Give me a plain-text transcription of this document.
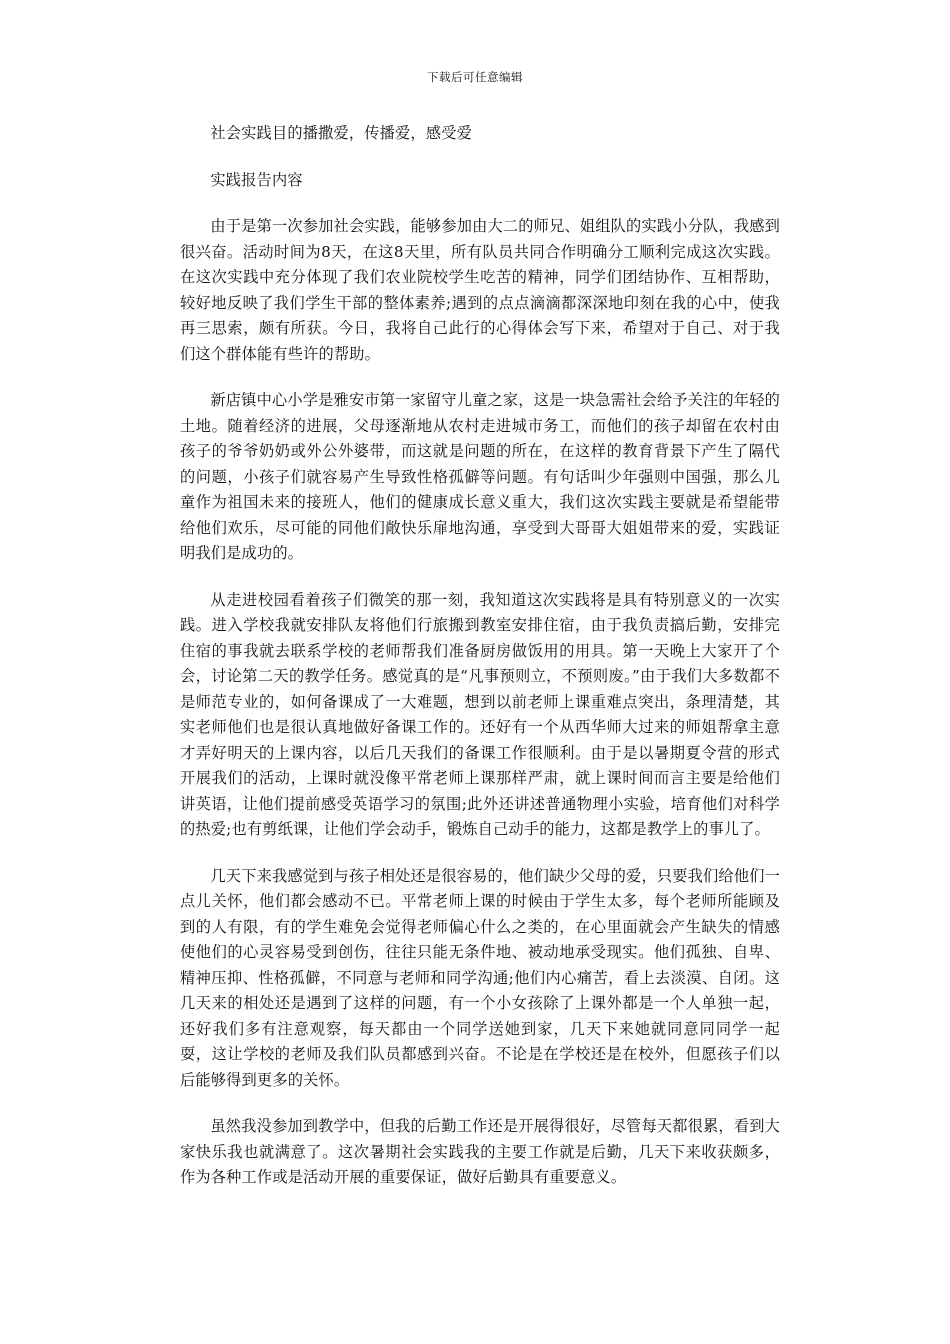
下载后可任意编辑

社会实践目的播撒爱，传播爱，感受爱

实践报告内容

由于是第一次参加社会实践，能够参加由大二的师兄、姐组队的实践小分队，我感到很兴奋。活动时间为8天，在这8天里，所有队员共同合作明确分工顺利完成这次实践。在这次实践中充分体现了我们农业院校学生吃苦的精神，同学们团结协作、互相帮助，较好地反映了我们学生干部的整体素养;遇到的点点滴滴都深深地印刻在我的心中，使我再三思索，颇有所获。今日，我将自己此行的心得体会写下来，希望对于自己、对于我们这个群体能有些许的帮助。

新店镇中心小学是雅安市第一家留守儿童之家，这是一块急需社会给予关注的年轻的土地。随着经济的进展，父母逐渐地从农村走进城市务工，而他们的孩子却留在农村由孩子的爷爷奶奶或外公外婆带，而这就是问题的所在，在这样的教育背景下产生了隔代的问题，小孩子们就容易产生导致性格孤僻等问题。有句话叫少年强则中国强，那么儿童作为祖国未来的接班人，他们的健康成长意义重大，我们这次实践主要就是希望能带给他们欢乐，尽可能的同他们敞快乐扉地沟通，享受到大哥哥大姐姐带来的爱，实践证明我们是成功的。

从走进校园看着孩子们微笑的那一刻，我知道这次实践将是具有特别意义的一次实践。进入学校我就安排队友将他们行旅搬到教室安排住宿，由于我负责搞后勤，安排完住宿的事我就去联系学校的老师帮我们准备厨房做饭用的用具。第一天晚上大家开了个会，讨论第二天的教学任务。感觉真的是“凡事预则立，不预则废。”由于我们大多数都不是师范专业的，如何备课成了一大难题，想到以前老师上课重难点突出，条理清楚，其实老师他们也是很认真地做好备课工作的。还好有一个从西华师大过来的师姐帮拿主意才弄好明天的上课内容，以后几天我们的备课工作很顺利。由于是以暑期夏令营的形式开展我们的活动，上课时就没像平常老师上课那样严肃，就上课时间而言主要是给他们讲英语，让他们提前感受英语学习的氛围;此外还讲述普通物理小实验，培育他们对科学的热爱;也有剪纸课，让他们学会动手，锻炼自己动手的能力，这都是教学上的事儿了。

几天下来我感觉到与孩子相处还是很容易的，他们缺少父母的爱，只要我们给他们一点儿关怀，他们都会感动不已。平常老师上课的时候由于学生太多，每个老师所能顾及到的人有限，有的学生难免会觉得老师偏心什么之类的，在心里面就会产生缺失的情感使他们的心灵容易受到创伤，往往只能无条件地、被动地承受现实。他们孤独、自卑、精神压抑、性格孤僻，不同意与老师和同学沟通;他们内心痛苦，看上去淡漠、自闭。这几天来的相处还是遇到了这样的问题，有一个小女孩除了上课外都是一个人单独一起，还好我们多有注意观察，每天都由一个同学送她到家，几天下来她就同意同同学一起耍，这让学校的老师及我们队员都感到兴奋。不论是在学校还是在校外，但愿孩子们以后能够得到更多的关怀。

虽然我没参加到教学中，但我的后勤工作还是开展得很好，尽管每天都很累，看到大家快乐我也就满意了。这次暑期社会实践我的主要工作就是后勤，几天下来收获颇多，作为各种工作或是活动开展的重要保证，做好后勤具有重要意义。
